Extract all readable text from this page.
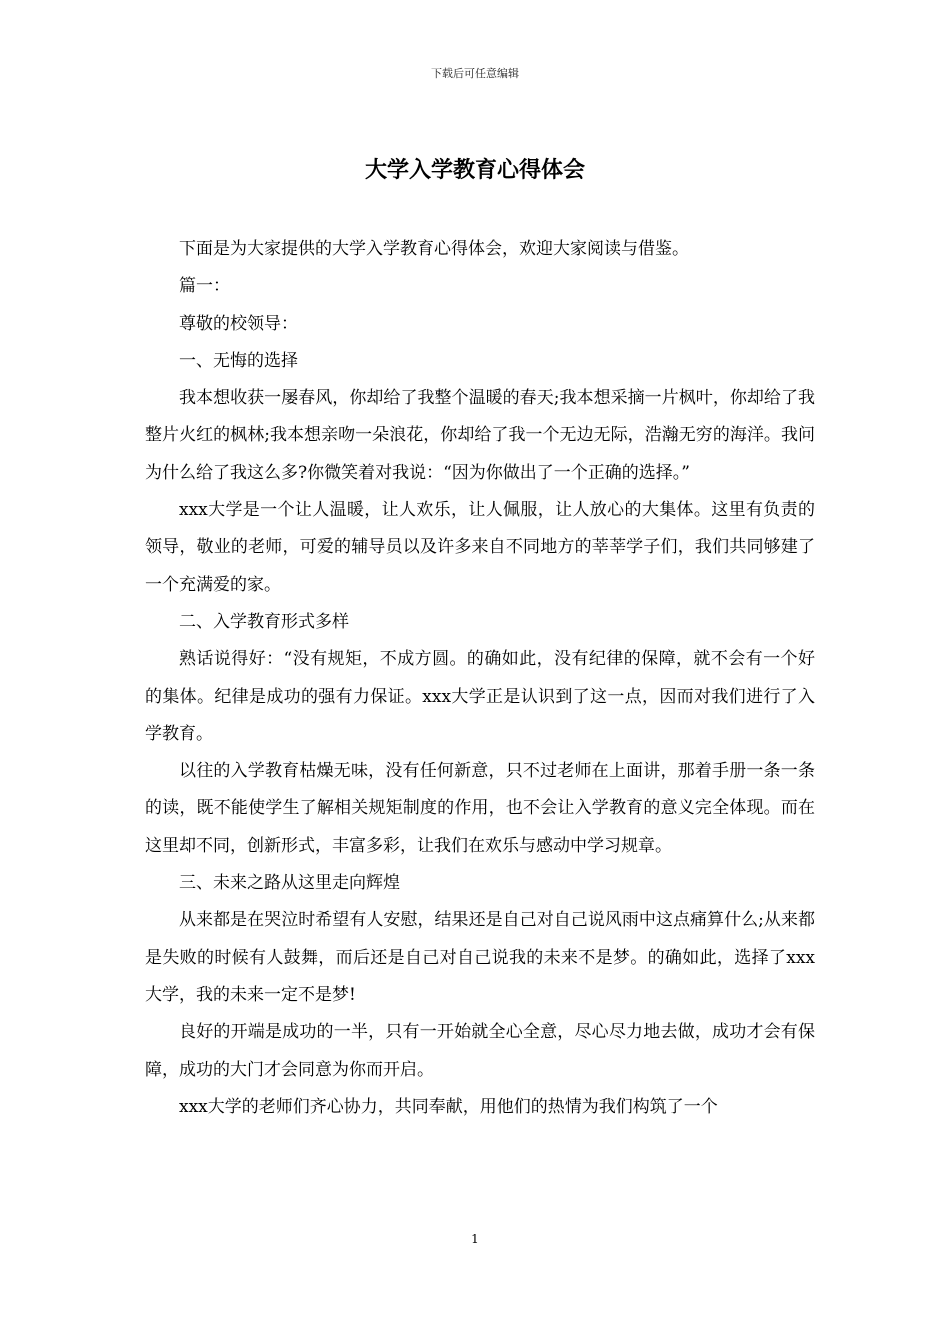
下载后可任意编辑
大学入学教育心得体会

下面是为大家提供的大学入学教育心得体会，欢迎大家阅读与借鉴。

篇一：

尊敬的校领导：

一、无悔的选择

我本想收获一屡春风，你却给了我整个温暖的春天;我本想采摘一片枫叶，你却给了我整片火红的枫林;我本想亲吻一朵浪花，你却给了我一个无边无际，浩瀚无穷的海洋。我问为什么给了我这么多?你微笑着对我说：“因为你做出了一个正确的选择。”

xxx大学是一个让人温暖，让人欢乐，让人佩服，让人放心的大集体。这里有负责的领导，敬业的老师，可爱的辅导员以及许多来自不同地方的莘莘学子们，我们共同够建了一个充满爱的家。

二、入学教育形式多样

熟话说得好：“没有规矩，不成方圆。的确如此，没有纪律的保障，就不会有一个好的集体。纪律是成功的强有力保证。xxx大学正是认识到了这一点，因而对我们进行了入学教育。

以往的入学教育枯燥无味，没有任何新意，只不过老师在上面讲，那着手册一条一条的读，既不能使学生了解相关规矩制度的作用，也不会让入学教育的意义完全体现。而在这里却不同，创新形式，丰富多彩，让我们在欢乐与感动中学习规章。

三、未来之路从这里走向辉煌

从来都是在哭泣时希望有人安慰，结果还是自己对自己说风雨中这点痛算什么;从来都是失败的时候有人鼓舞，而后还是自己对自己说我的未来不是梦。的确如此，选择了xxx大学，我的未来一定不是梦!

良好的开端是成功的一半，只有一开始就全心全意，尽心尽力地去做，成功才会有保障，成功的大门才会同意为你而开启。

xxx大学的老师们齐心协力，共同奉献，用他们的热情为我们构筑了一个

1
